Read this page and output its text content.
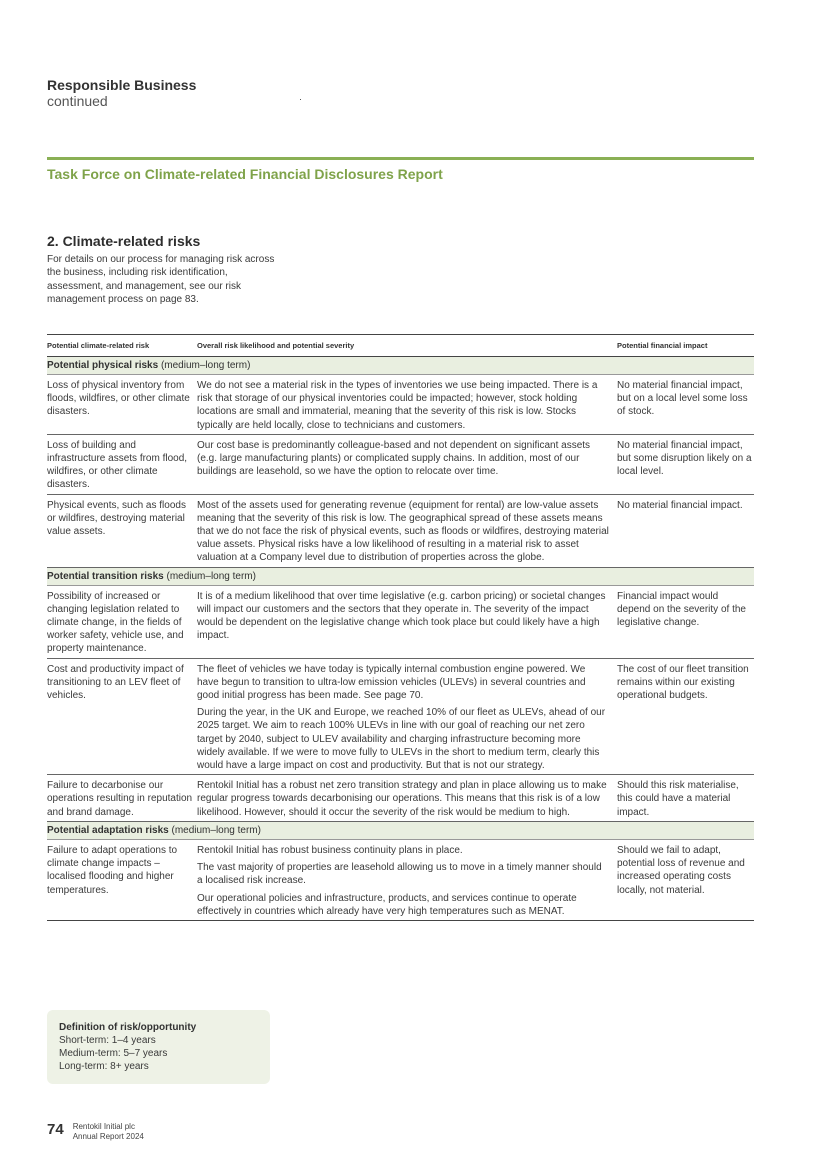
Responsible Business
continued
Task Force on Climate-related Financial Disclosures Report
2. Climate-related risks
For details on our process for managing risk across the business, including risk identification, assessment, and management, see our risk management process on page 83.
Potential climate-related risk	Overall risk likelihood and potential severity	Potential financial impact
Potential physical risks (medium–long term)
Loss of physical inventory from floods, wildfires, or other climate disasters.

We do not see a material risk in the types of inventories we use being impacted. There is a risk that storage of our physical inventories could be impacted; however, stock holding locations are small and immaterial, meaning that the severity of this risk is low. Stocks typically are held locally, close to technicians and customers.

No material financial impact, but on a local level some loss of stock.
Loss of building and infrastructure assets from flood, wildfires, or other climate disasters.

Our cost base is predominantly colleague-based and not dependent on significant assets (e.g. large manufacturing plants) or complicated supply chains. In addition, most of our buildings are leasehold, so we have the option to relocate over time.

No material financial impact, but some disruption likely on a local level.
Physical events, such as floods or wildfires, destroying material value assets.

Most of the assets used for generating revenue (equipment for rental) are low-value assets meaning that the severity of this risk is low. The geographical spread of these assets means that we do not face the risk of physical events, such as floods or wildfires, destroying material value assets. Physical risks have a low likelihood of resulting in a material risk to asset valuation at a Company level due to distribution of properties across the globe.

No material financial impact.
Potential transition risks (medium–long term)
Possibility of increased or changing legislation related to climate change, in the fields of worker safety, vehicle use, and property maintenance.

It is of a medium likelihood that over time legislative (e.g. carbon pricing) or societal changes will impact our customers and the sectors that they operate in. The severity of the impact would be dependent on the legislative change which took place but could likely have a high impact.

Financial impact would depend on the severity of the legislative change.
Cost and productivity impact of transitioning to an LEV fleet of vehicles.

The fleet of vehicles we have today is typically internal combustion engine powered. We have begun to transition to ultra-low emission vehicles (ULEVs) in several countries and good initial progress has been made. See page 70.

During the year, in the UK and Europe, we reached 10% of our fleet as ULEVs, ahead of our 2025 target. We aim to reach 100% ULEVs in line with our goal of reaching our net zero target by 2040, subject to ULEV availability and charging infrastructure becoming more widely available. If we were to move fully to ULEVs in the short to medium term, clearly this would have a large impact on cost and productivity. But that is not our strategy.

The cost of our fleet transition remains within our existing operational budgets.
Failure to decarbonise our operations resulting in reputation and brand damage.

Rentokil Initial has a robust net zero transition strategy and plan in place allowing us to make regular progress towards decarbonising our operations. This means that this risk is of a low likelihood. However, should it occur the severity of the risk would be medium to high.

Should this risk materialise, this could have a material impact.
Potential adaptation risks (medium–long term)
Failure to adapt operations to climate change impacts – localised flooding and higher temperatures.

Rentokil Initial has robust business continuity plans in place.

The vast majority of properties are leasehold allowing us to move in a timely manner should a localised risk increase.

Our operational policies and infrastructure, products, and services continue to operate effectively in countries which already have very high temperatures such as MENAT.

Should we fail to adapt, potential loss of revenue and increased operating costs locally, not material.
Definition of risk/opportunity
Short-term: 1–4 years
Medium-term: 5–7 years
Long-term: 8+ years
74 Rentokil Initial plc
Annual Report 2024
